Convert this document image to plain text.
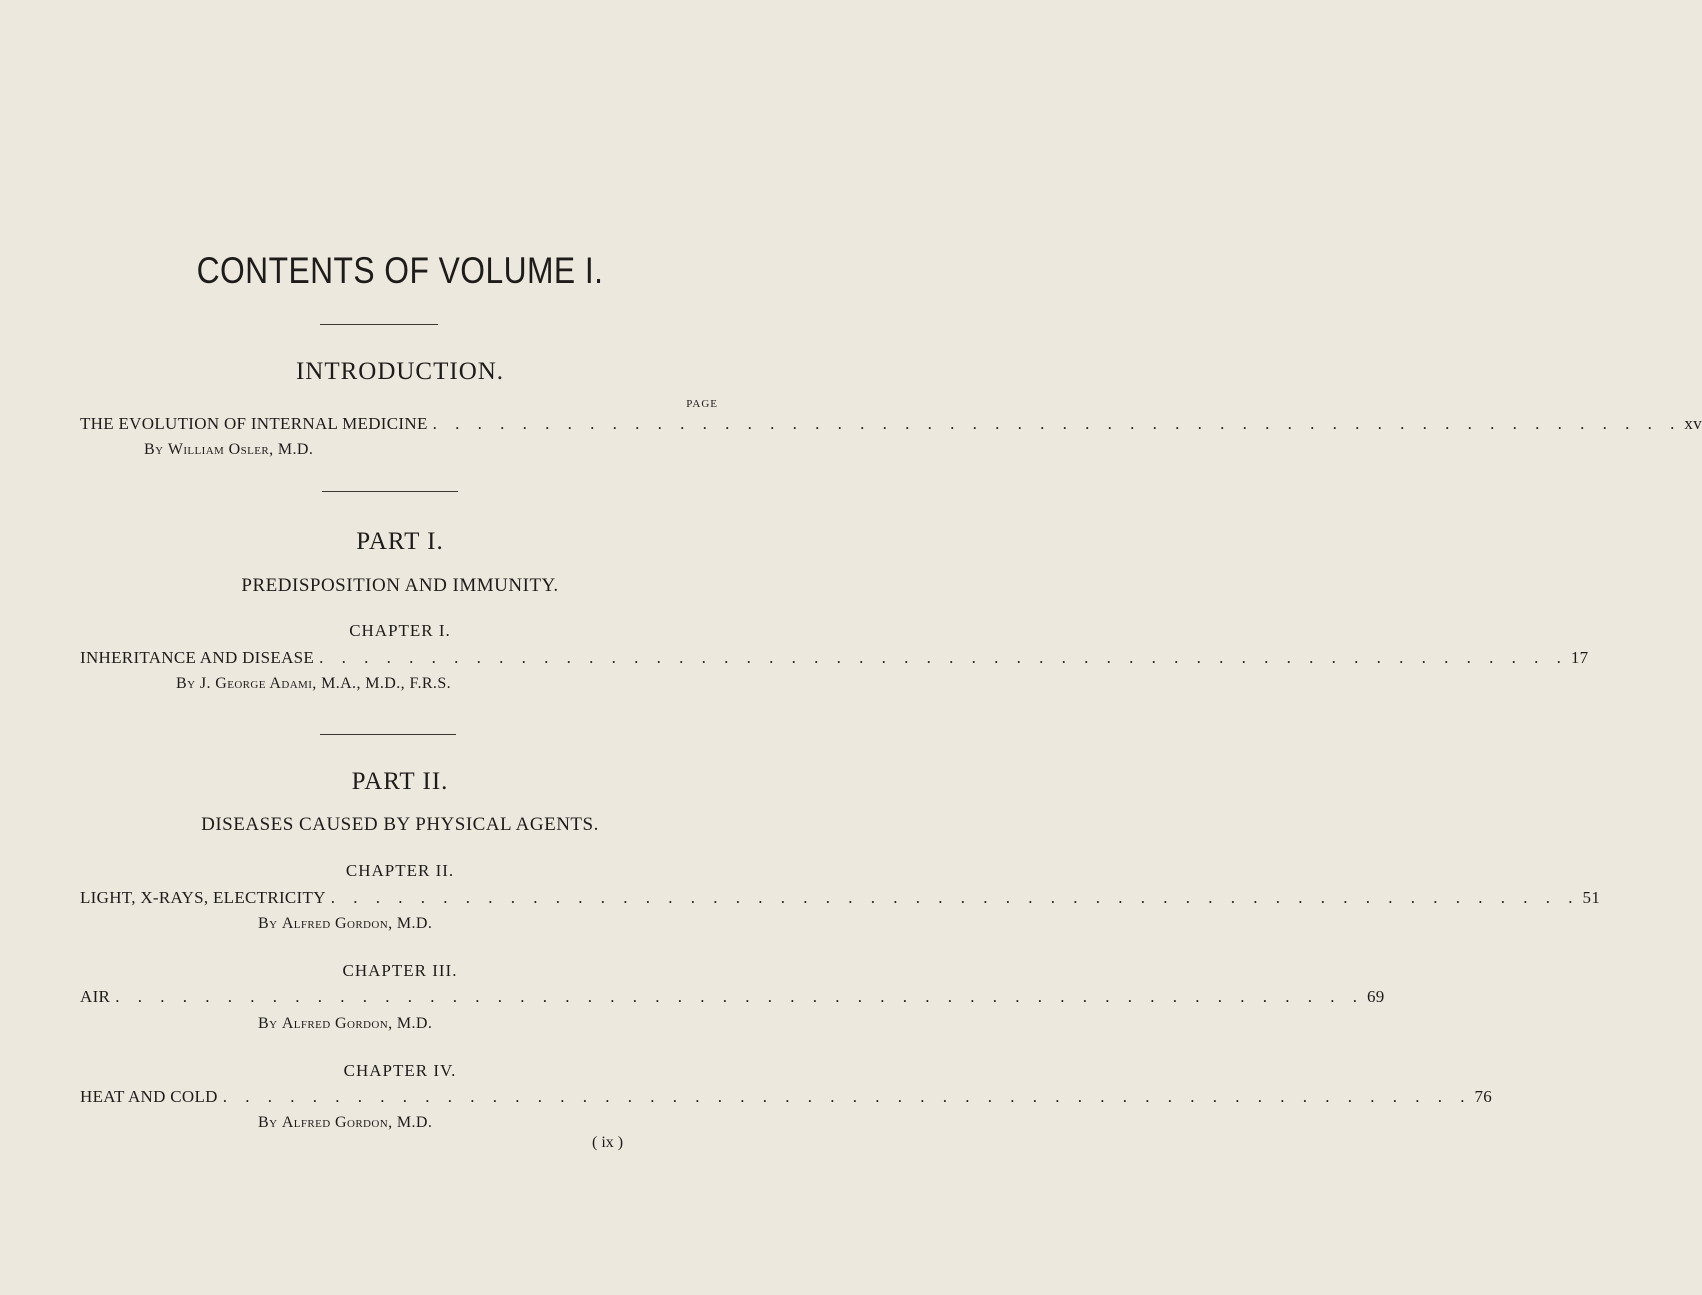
CONTENTS OF VOLUME I.
INTRODUCTION.
PAGE
THE EVOLUTION OF INTERNAL MEDICINE . . . . . . . . . . . . . . . . . . . . . . . . . . . . . . . . . . . . . . . . . . . . . . . . . . . . . . . . xv
By William Osler, M.D.
PART I.
PREDISPOSITION AND IMMUNITY.
CHAPTER I.
INHERITANCE AND DISEASE . . . . . . . . . . . . . . . . . . . . . . . . . . . . . . . . . . . . . . . . . . . . . . . . . . . . . . . . 17
By J. George Adami, M.A., M.D., F.R.S.
PART II.
DISEASES CAUSED BY PHYSICAL AGENTS.
CHAPTER II.
LIGHT, X-RAYS, ELECTRICITY . . . . . . . . . . . . . . . . . . . . . . . . . . . . . . . . . . . . . . . . . . . . . . . . . . . . . . . . 51
By Alfred Gordon, M.D.
CHAPTER III.
AIR . . . . . . . . . . . . . . . . . . . . . . . . . . . . . . . . . . . . . . . . . . . . . . . . . . . . . . . . 69
By Alfred Gordon, M.D.
CHAPTER IV.
HEAT AND COLD . . . . . . . . . . . . . . . . . . . . . . . . . . . . . . . . . . . . . . . . . . . . . . . . . . . . . . . . 76
By Alfred Gordon, M.D.
( ix )
